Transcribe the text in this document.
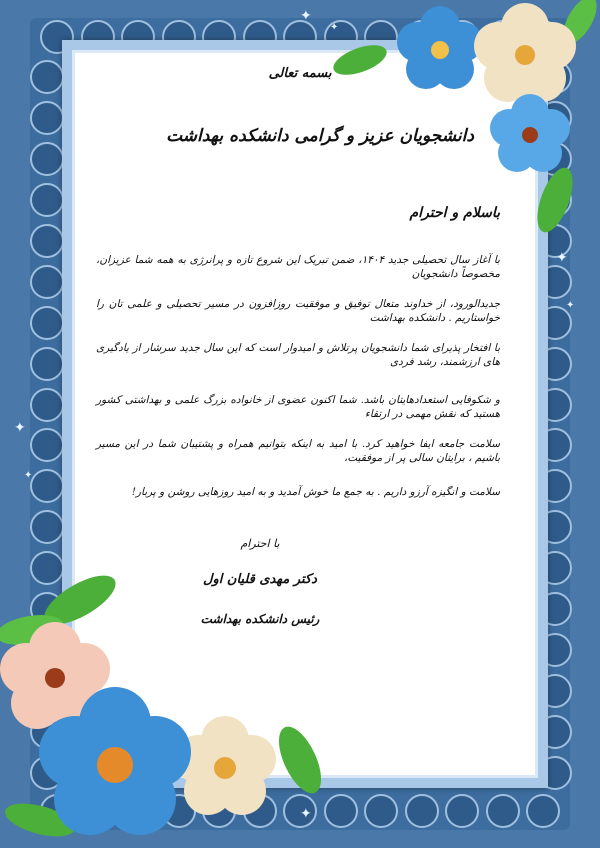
✦
✦
✦
✦
✦
✦
✦
بسمه تعالی
دانشجویان عزیز و گرامی دانشکده بهداشت
باسلام و احترام
با آغاز سال تحصیلی جدید ۱۴۰۴، ضمن تبریک این شروع تازه و پرانرژی به همه شما عزیزان، مخصوصاً دانشجویان
جدیدالورود، از خداوند متعال توفیق و موفقیت روزافزون در مسیر تحصیلی و علمی تان را خواستاریم . دانشکده بهداشت
با افتخار پذیرای شما دانشجویان پرتلاش و امیدوار است که این سال جدید سرشار از یادگیری های ارزشمند، رشد فردی
و شکوفایی استعدادهایتان باشد. شما اکنون عضوی از خانواده بزرگ علمی و بهداشتی کشور هستید که نقش مهمی در ارتقاء
سلامت جامعه ایفا خواهید کرد. با امید به اینکه بتوانیم همراه و پشتیبان شما در این مسیر باشیم ، برایتان سالی پر از موفقیت،
سلامت و انگیزه آرزو داریم . به جمع ما خوش آمدید و به امید روزهایی روشن و پربار!
با احترام
دکتر مهدی قلیان اول
رئیس دانشکده بهداشت
